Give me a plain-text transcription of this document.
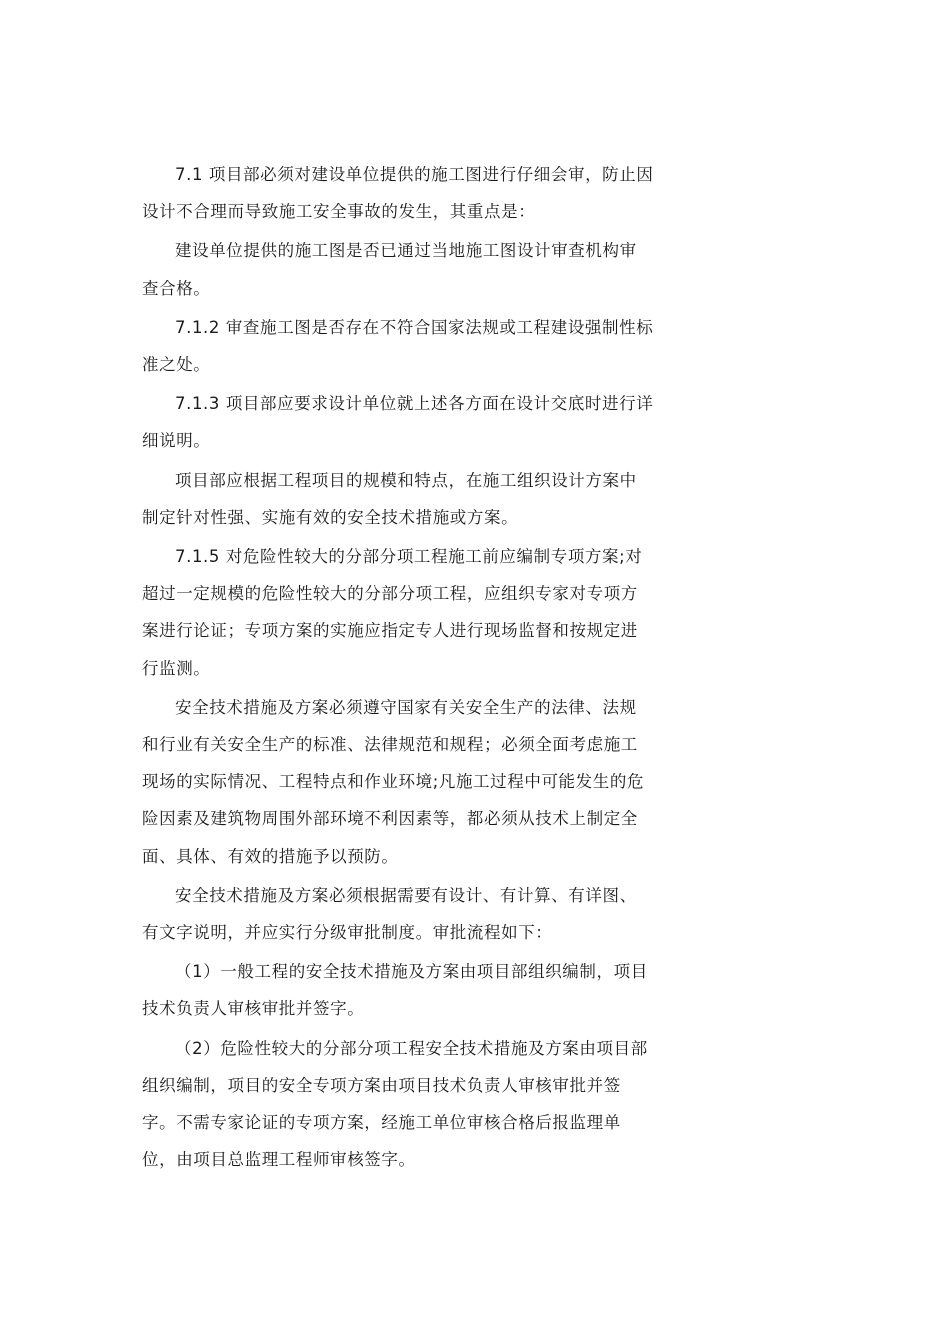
7.1 项目部必须对建设单位提供的施工图进行仔细会审，防止因
设计不合理而导致施工安全事故的发生，其重点是：
建设单位提供的施工图是否已通过当地施工图设计审查机构审
查合格。
7.1.2 审查施工图是否存在不符合国家法规或工程建设强制性标
准之处。
7.1.3 项目部应要求设计单位就上述各方面在设计交底时进行详
细说明。
项目部应根据工程项目的规模和特点，在施工组织设计方案中
制定针对性强、实施有效的安全技术措施或方案。
7.1.5 对危险性较大的分部分项工程施工前应编制专项方案;对
超过一定规模的危险性较大的分部分项工程，应组织专家对专项方
案进行论证；专项方案的实施应指定专人进行现场监督和按规定进
行监测。
安全技术措施及方案必须遵守国家有关安全生产的法律、法规
和行业有关安全生产的标准、法律规范和规程；必须全面考虑施工
现场的实际情况、工程特点和作业环境;凡施工过程中可能发生的危
险因素及建筑物周围外部环境不利因素等，都必须从技术上制定全
面、具体、有效的措施予以预防。
安全技术措施及方案必须根据需要有设计、有计算、有详图、
有文字说明，并应实行分级审批制度。审批流程如下：
（1）一般工程的安全技术措施及方案由项目部组织编制，项目
技术负责人审核审批并签字。
（2）危险性较大的分部分项工程安全技术措施及方案由项目部
组织编制，项目的安全专项方案由项目技术负责人审核审批并签
字。不需专家论证的专项方案，经施工单位审核合格后报监理单
位，由项目总监理工程师审核签字。
